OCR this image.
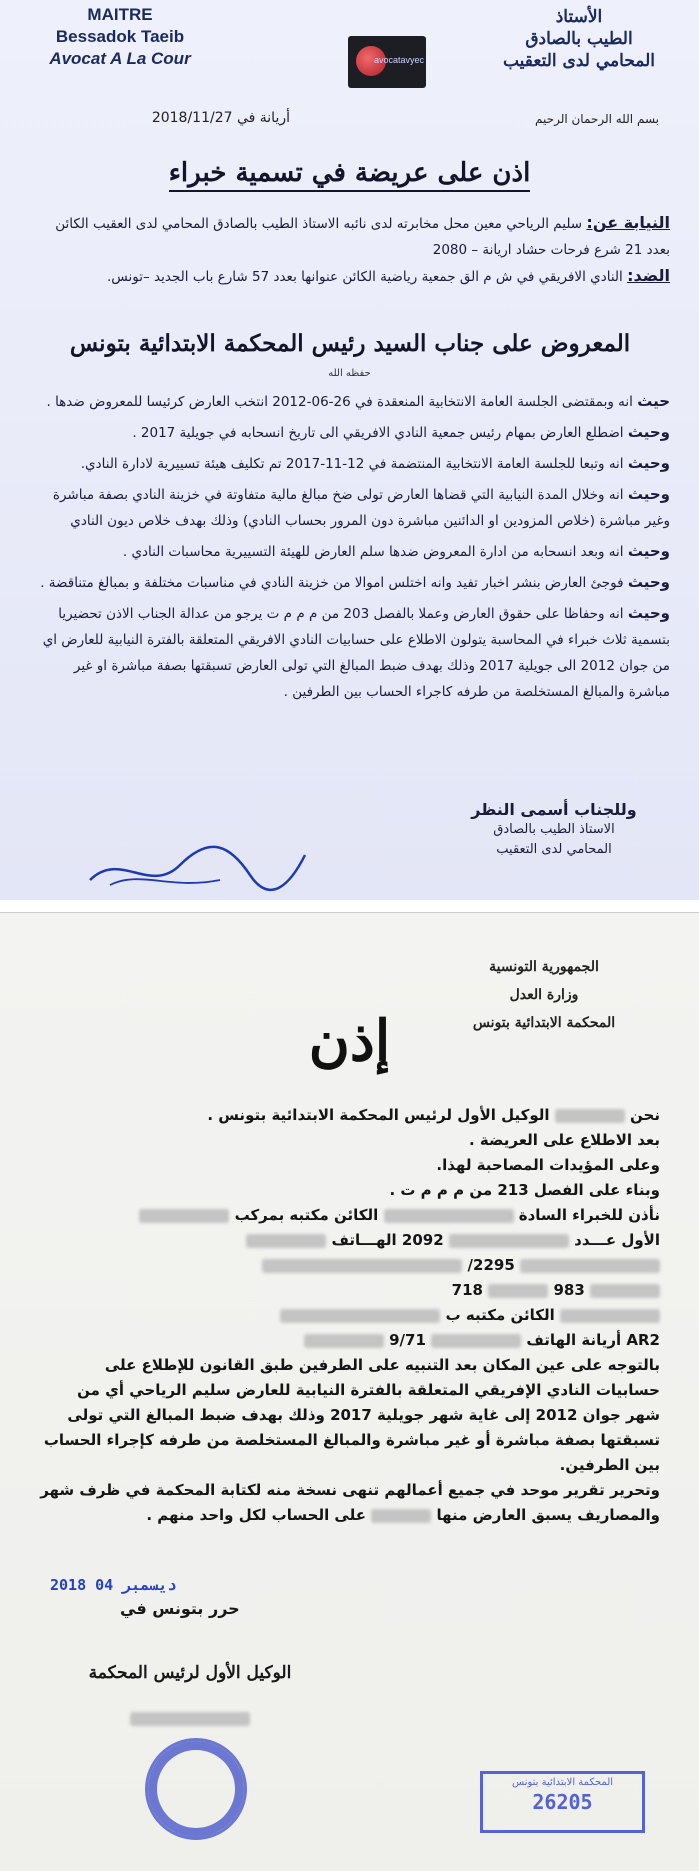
MAITRE
Bessadok Taeib
Avocat A La Cour	avocatavyec
الأستاذ
الطيب بالصادق
المحامي لدى التعقيب
أريانة في 2018/11/27	بسم الله الرحمان الرحيم
اذن على عريضة في تسمية خبراء
النيابة عن: سليم الرياحي معين محل مخابرته لدى نائبه الاستاذ الطيب بالصادق المحامي لدى العقيب الكائن بعدد 21 شرع فرحات حشاد اريانة – 2080
الضد: النادي الافريقي في ش م الق جمعية رياضية الكائن عنوانها بعدد 57 شارع باب الجديد –تونس.
المعروض على جناب السيد رئيس المحكمة الابتدائية بتونس
حفظه الله
حيث انه وبمقتضى الجلسة العامة الانتخابية المنعقدة في 26-06-2012 انتخب العارض كرئيسا للمعروض ضدها .
وحيث اضطلع العارض بمهام رئيس جمعية النادي الافريقي الى تاريخ انسحابه في جويلية 2017 .
وحيث انه وتبعا للجلسة العامة الانتخابية المنتضمة في 12-11-2017 تم تكليف هيئة تسييرية لادارة النادي.
وحيث انه وخلال المدة النيابية التي قضاها العارض تولى ضخ مبالغ مالية متفاوتة في خزينة النادي بصفة مباشرة وغير مباشرة (خلاص المزودين او الدائنين مباشرة دون المرور بحساب النادي) وذلك بهدف خلاص ديون النادي
وحيث انه وبعد انسحابه من ادارة المعروض ضدها سلم العارض للهيئة التسييرية محاسبات النادي .
وحيث فوجئ العارض بنشر اخبار تفيد وانه اختلس اموالا من خزينة النادي في مناسبات مختلفة و بمبالغ متناقضة .
وحيث انه وحفاظا على حقوق العارض وعملا بالفصل 203 من م م م ت يرجو من عدالة الجناب الاذن تحضيريا بتسمية ثلاث خبراء في المحاسبة يتولون الاطلاع على حسابيات النادي الافريقي المتعلقة بالفترة النيابية للعارض اي من جوان 2012 الى جويلية 2017 وذلك بهدف ضبط المبالغ التي تولى العارض تسبقتها بصفة مباشرة او غير مباشرة والمبالغ المستخلصة من طرفه كاجراء الحساب بين الطرفين .
وللجناب أسمى النظر
الاستاذ الطيب بالصادق
المحامي لدى التعقيب
الجمهورية التونسية
وزارة العدل
المحكمة الابتدائية بتونس
إذن

نحن  الوكيل الأول لرئيس المحكمة الابتدائية بتونس .

بعد الاطلاع على العريضة .

وعلى المؤيدات المصاحبة لهذا.

وبناء على الفصل 213 من م م م ت .

نأذن للخبراء السادة  الكائن مكتبه بمركب

الأول عـــدد  2092 الهـــاتف

2295/

983  718

الكائن مكتبه ب

AR2 أريانة الهاتف  9/71

بالتوجه على عين المكان بعد التنبيه على الطرفين طبق القانون للإطلاع على حسابيات النادي الإفريقي المتعلقة بالفترة النيابية للعارض سليم الرياحي أي من شهر جوان 2012 إلى غاية شهر جويلية 2017 وذلك بهدف ضبط المبالغ التي تولى تسبقتها بصفة مباشرة أو غير مباشرة والمبالغ المستخلصة من طرفه كإجراء الحساب بين الطرفين.

وتحرير تقرير موحد في جميع أعمالهم تنهى نسخة منه لكتابة المحكمة في ظرف شهر والمصاريف يسبق العارض منها  على الحساب لكل واحد منهم .

2018 ديسمبر 04
حرر بتونس في
الوكيل الأول لرئيس المحكمة
المحكمة الابتدائية بتونس
26205
